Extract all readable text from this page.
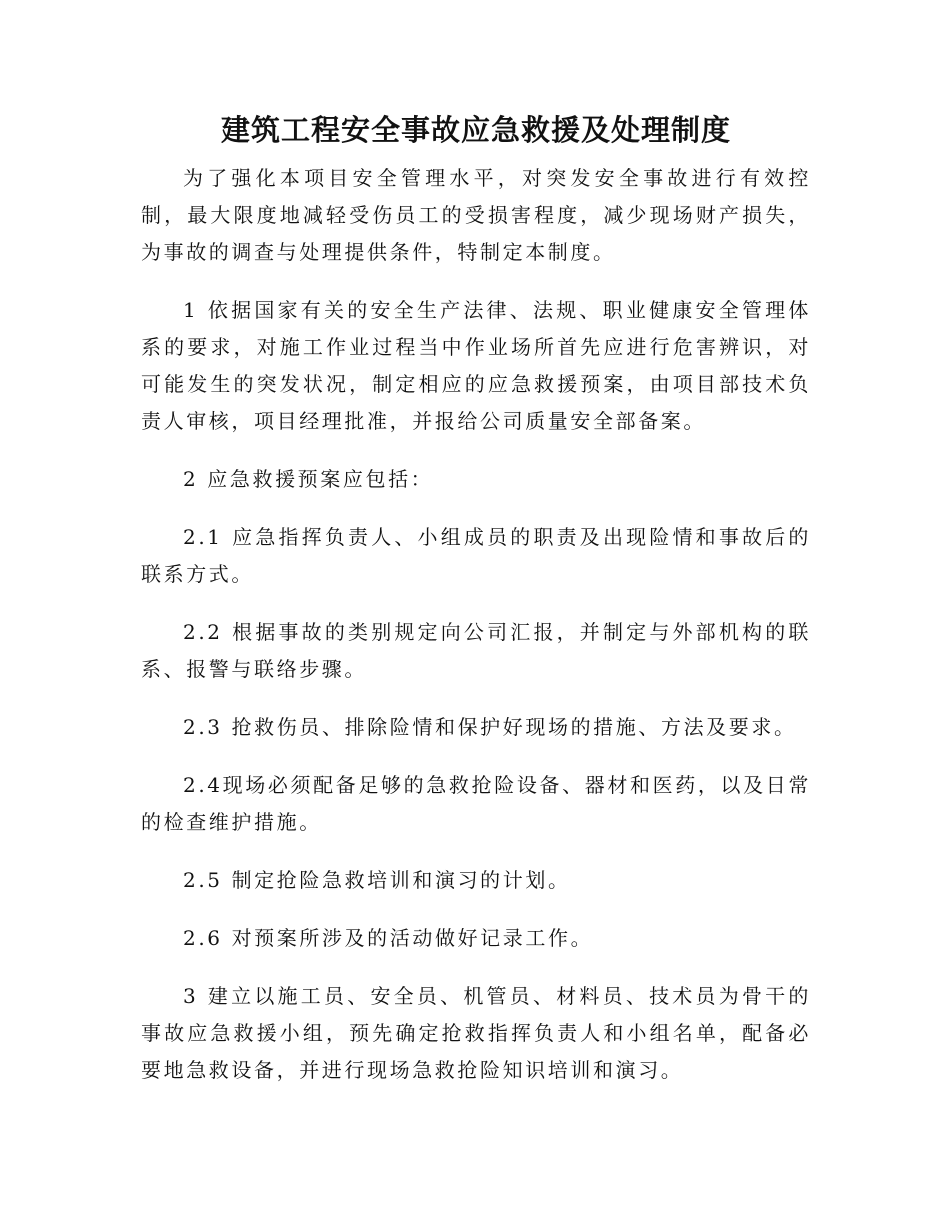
建筑工程安全事故应急救援及处理制度

为了强化本项目安全管理水平，对突发安全事故进行有效控制，最大限度地减轻受伤员工的受损害程度，减少现场财产损失，为事故的调查与处理提供条件，特制定本制度。

1 依据国家有关的安全生产法律、法规、职业健康安全管理体系的要求，对施工作业过程当中作业场所首先应进行危害辨识，对可能发生的突发状况，制定相应的应急救援预案，由项目部技术负责人审核，项目经理批准，并报给公司质量安全部备案。

2 应急救援预案应包括：

2.1 应急指挥负责人、小组成员的职责及出现险情和事故后的联系方式。

2.2 根据事故的类别规定向公司汇报，并制定与外部机构的联系、报警与联络步骤。

2.3 抢救伤员、排除险情和保护好现场的措施、方法及要求。

2.4现场必须配备足够的急救抢险设备、器材和医药，以及日常的检查维护措施。

2.5 制定抢险急救培训和演习的计划。

2.6 对预案所涉及的活动做好记录工作。

3 建立以施工员、安全员、机管员、材料员、技术员为骨干的事故应急救援小组，预先确定抢救指挥负责人和小组名单，配备必要地急救设备，并进行现场急救抢险知识培训和演习。
